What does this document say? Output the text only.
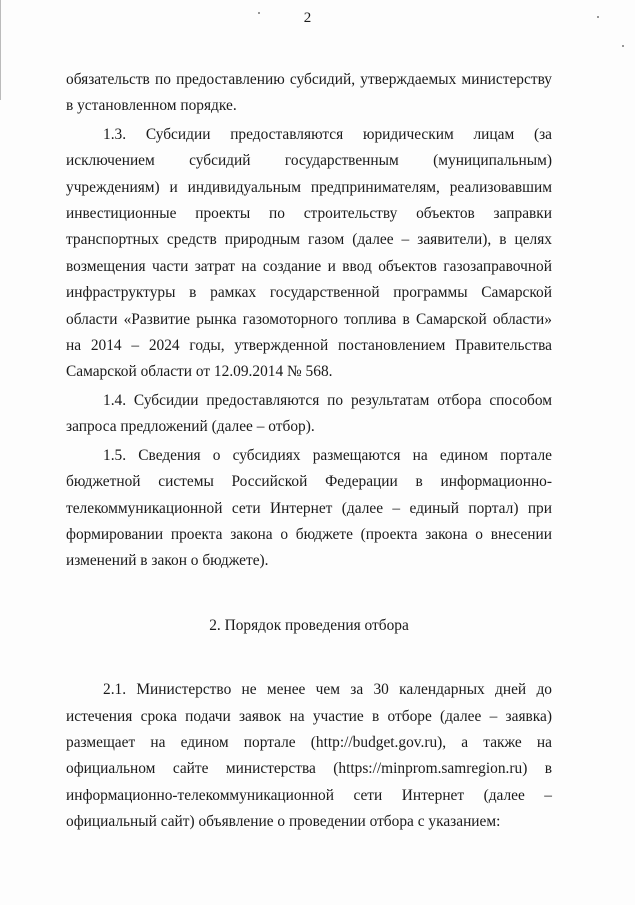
2

обязательств по предоставлению субсидий, утверждаемых министерству в установленном порядке.

1.3. Субсидии предоставляются юридическим лицам (за исключением субсидий государственным (муниципальным) учреждениям) и индивидуальным предпринимателям, реализовавшим инвестиционные проекты по строительству объектов заправки транспортных средств природным газом (далее – заявители), в целях возмещения части затрат на создание и ввод объектов газозаправочной инфраструктуры в рамках государственной программы Самарской области «Развитие рынка газомоторного топлива в Самарской области» на 2014 – 2024 годы, утвержденной постановлением Правительства Самарской области от 12.09.2014 № 568.

1.4. Субсидии предоставляются по результатам отбора способом запроса предложений (далее – отбор).

1.5. Сведения о субсидиях размещаются на едином портале бюджетной системы Российской Федерации в информационно-телекоммуникационной сети Интернет (далее – единый портал) при формировании проекта закона о бюджете (проекта закона о внесении изменений в закон о бюджете).

2. Порядок проведения отбора

2.1. Министерство не менее чем за 30 календарных дней до истечения срока подачи заявок на участие в отборе (далее – заявка) размещает на едином портале (http://budget.gov.ru), а также на официальном сайте министерства (https://minprom.samregion.ru) в информационно-телекоммуникационной сети Интернет (далее – официальный сайт) объявление о проведении отбора с указанием:
